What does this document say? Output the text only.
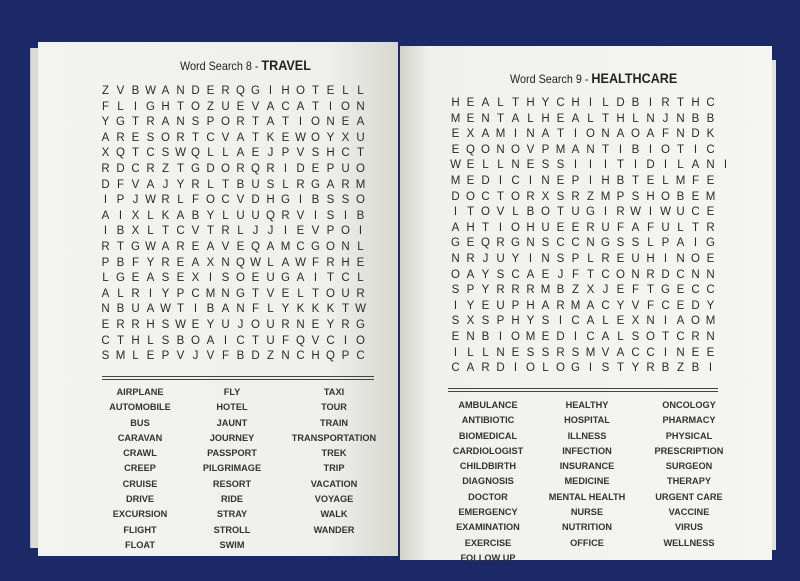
Word Search 8 - TRAVEL
Z V B W A N D E R Q G I H O T E L L
F L I G H T O Z U E V A C A T I O N
Y G T R A N S P O R T A T I O N E A
A R E S O R T C V A T K E W O Y X U
X Q T C S W Q L L A E J P V S H C T
R D C R Z T G D O R Q R I D E P U O
D F V A J Y R L T B U S L R G A R M
I P J W R L F O C V D H G I B S S O
A I X L K A B Y L U U Q R V I S I B
I B X L T C V T R L J J I E V P O I
R T G W A R E A V E Q A M C G O N L
P B F Y R E A X N Q W L A W F R H E
L G E A S E X I S O E U G A I T C L
A L R I Y P C M N G T V E L T O U R
N B U A W T I B A N F L Y K K K T W
E R R H S W E Y U J O U R N E Y R G
C T H L S B O A I C T U F Q V C I O
S M L E P V J V F B D Z N C H Q P C
AIRPLANE
AUTOMOBILE
BUS
CARAVAN
CRAWL
CREEP
CRUISE
DRIVE
EXCURSION
FLIGHT
FLOAT
FLY
HOTEL
JAUNT
JOURNEY
PASSPORT
PILGRIMAGE
RESORT
RIDE
STRAY
STROLL
SWIM
TAXI
TOUR
TRAIN
TRANSPORTATION
TREK
TRIP
VACATION
VOYAGE
WALK
WANDER
Word Search 9 - HEALTHCARE
H E A L T H Y C H I L D B I R T H C
M E N T A L H E A L T H L N J N B B
E X A M I N A T I O N A O A F N D K
E Q O N O V P M A N T I B I O T I C
W E L L N E S S I	I	I T I D I L A N I
M E D I C I N E P I H B T E L M F E
D O C T O R X S R Z M P S H O B E M
I T O V L B O T U G I R W I W U C E
A H T I O H U E E R U F A F U L T R
G E Q R G N S C C N G S S L P A I G
N R J U Y I N S P L R E U H I N O E
O A Y S C A E J F T C O N R D C N N
S P Y R R R M B Z X J E F T G E C C
I Y E U P H A R M A C Y V F C E D Y
S X S P H Y S I C A L E X N I A O M
E N B I O M E D I C A L S O T C R N
I L L N E S S R S M V A C C I N E E
C A R D I O L O G I S T Y R B Z B I
AMBULANCE
ANTIBIOTIC
BIOMEDICAL
CARDIOLOGIST
CHILDBIRTH
DIAGNOSIS
DOCTOR
EMERGENCY
EXAMINATION
EXERCISE
FOLLOW UP
HEALTHY
HOSPITAL
ILLNESS
INFECTION
INSURANCE
MEDICINE
MENTAL HEALTH
NURSE
NUTRITION
OFFICE
ONCOLOGY
PHARMACY
PHYSICAL
PRESCRIPTION
SURGEON
THERAPY
URGENT CARE
VACCINE
VIRUS
WELLNESS
